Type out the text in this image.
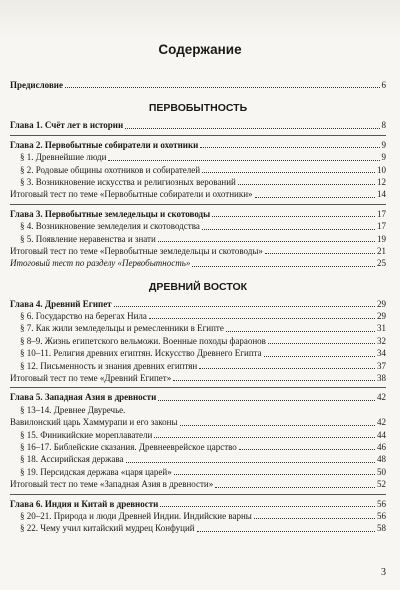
Содержание
Предисловие	6
ПЕРВОБЫТНОСТЬ
Глава 1. Счёт лет в истории	8
Глава 2. Первобытные собиратели и охотники	9
§ 1. Древнейшие люди	9
§ 2. Родовые общины охотников и собирателей	10
§ 3. Возникновение искусства и религиозных верований	12
Итоговый тест по теме «Первобытные собиратели и охотники»	14
Глава 3. Первобытные земледельцы и скотоводы	17
§ 4. Возникновение земледелия и скотоводства	17
§ 5. Появление неравенства и знати	19
Итоговый тест по теме «Первобытные земледельцы и скотоводы»	21
Итоговый тест по разделу «Первобытность»	25
ДРЕВНИЙ ВОСТОК
Глава 4. Древний Египет	29
§ 6. Государство на берегах Нила	29
§ 7. Как жили земледельцы и ремесленники в Египте	31
§ 8–9. Жизнь египетского вельможи. Военные походы фараонов	32
§ 10–11. Религия древних египтян. Искусство Древнего Египта	34
§ 12. Письменность и знания древних египтян	37
Итоговый тест по теме «Древний Египет»	38
Глава 5. Западная Азия в древности	42
§ 13–14. Древнее Двуречье.
Вавилонский царь Хаммурапи и его законы	42
§ 15. Финикийские мореплаватели	44
§ 16–17. Библейские сказания. Древнееврейское царство	46
§ 18. Ассирийская держава	48
§ 19. Персидская держава «царя царей»	50
Итоговый тест по теме «Западная Азия в древности»	52
Глава 6. Индия и Китай в древности	56
§ 20–21. Природа и люди Древней Индии. Индийские варны	56
§ 22. Чему учил китайский мудрец Конфуций	58
3
